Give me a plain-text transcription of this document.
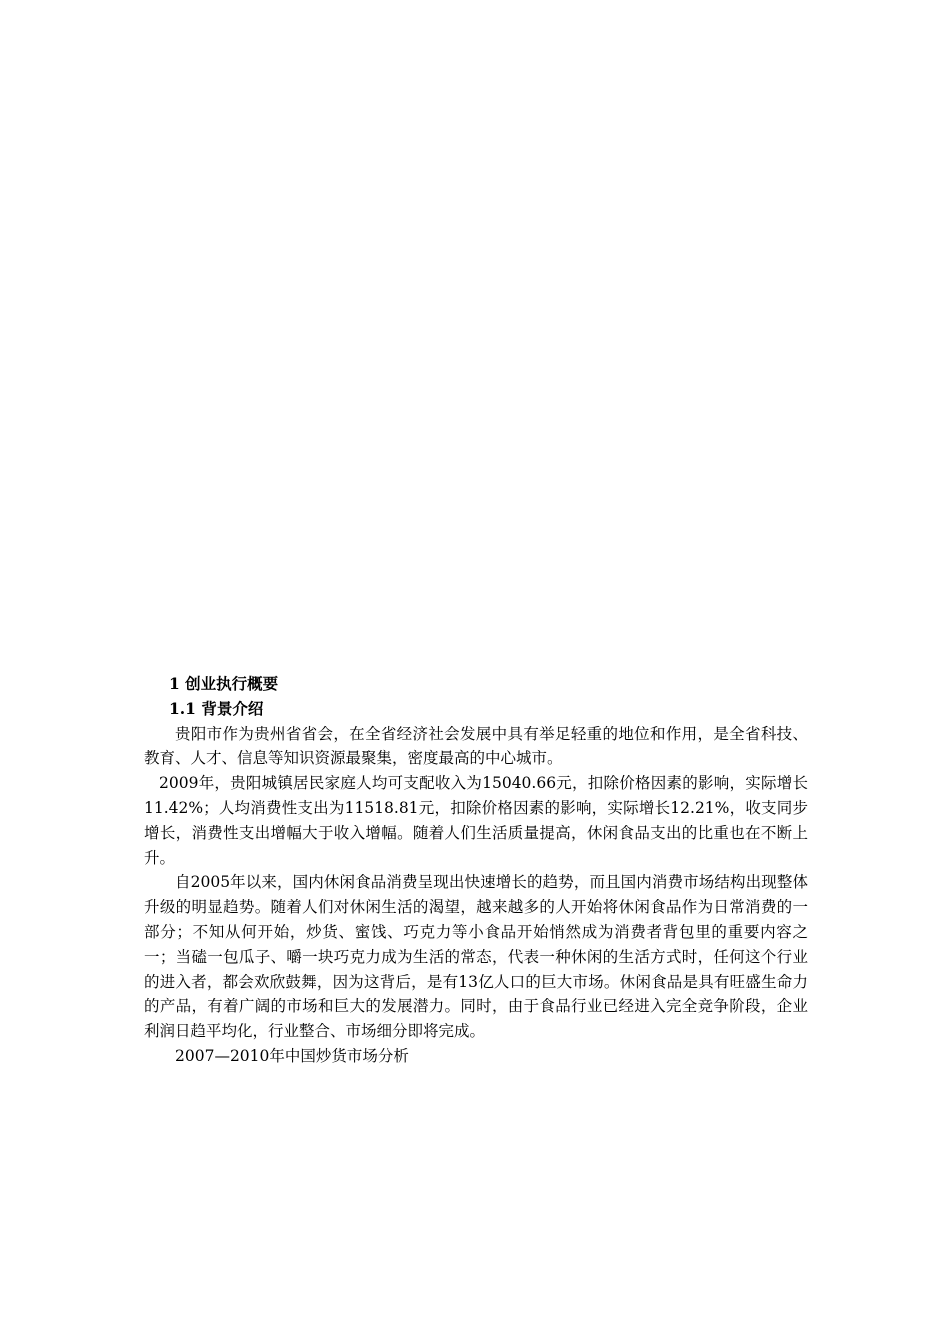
1 创业执行概要

1.1 背景介绍

贵阳市作为贵州省省会，在全省经济社会发展中具有举足轻重的地位和作用，是全省科技、教育、人才、信息等知识资源最聚集，密度最高的中心城市。

2009年，贵阳城镇居民家庭人均可支配收入为15040.66元，扣除价格因素的影响，实际增长11.42%；人均消费性支出为11518.81元，扣除价格因素的影响，实际增长12.21%，收支同步增长，消费性支出增幅大于收入增幅。随着人们生活质量提高，休闲食品支出的比重也在不断上升。

自2005年以来，国内休闲食品消费呈现出快速增长的趋势，而且国内消费市场结构出现整体升级的明显趋势。随着人们对休闲生活的渴望，越来越多的人开始将休闲食品作为日常消费的一部分；不知从何开始，炒货、蜜饯、巧克力等小食品开始悄然成为消费者背包里的重要内容之一；当磕一包瓜子、嚼一块巧克力成为生活的常态，代表一种休闲的生活方式时，任何这个行业的进入者，都会欢欣鼓舞，因为这背后，是有13亿人口的巨大市场。休闲食品是具有旺盛生命力的产品，有着广阔的市场和巨大的发展潜力。同时，由于食品行业已经进入完全竞争阶段，企业利润日趋平均化，行业整合、市场细分即将完成。

2007—2010年中国炒货市场分析
